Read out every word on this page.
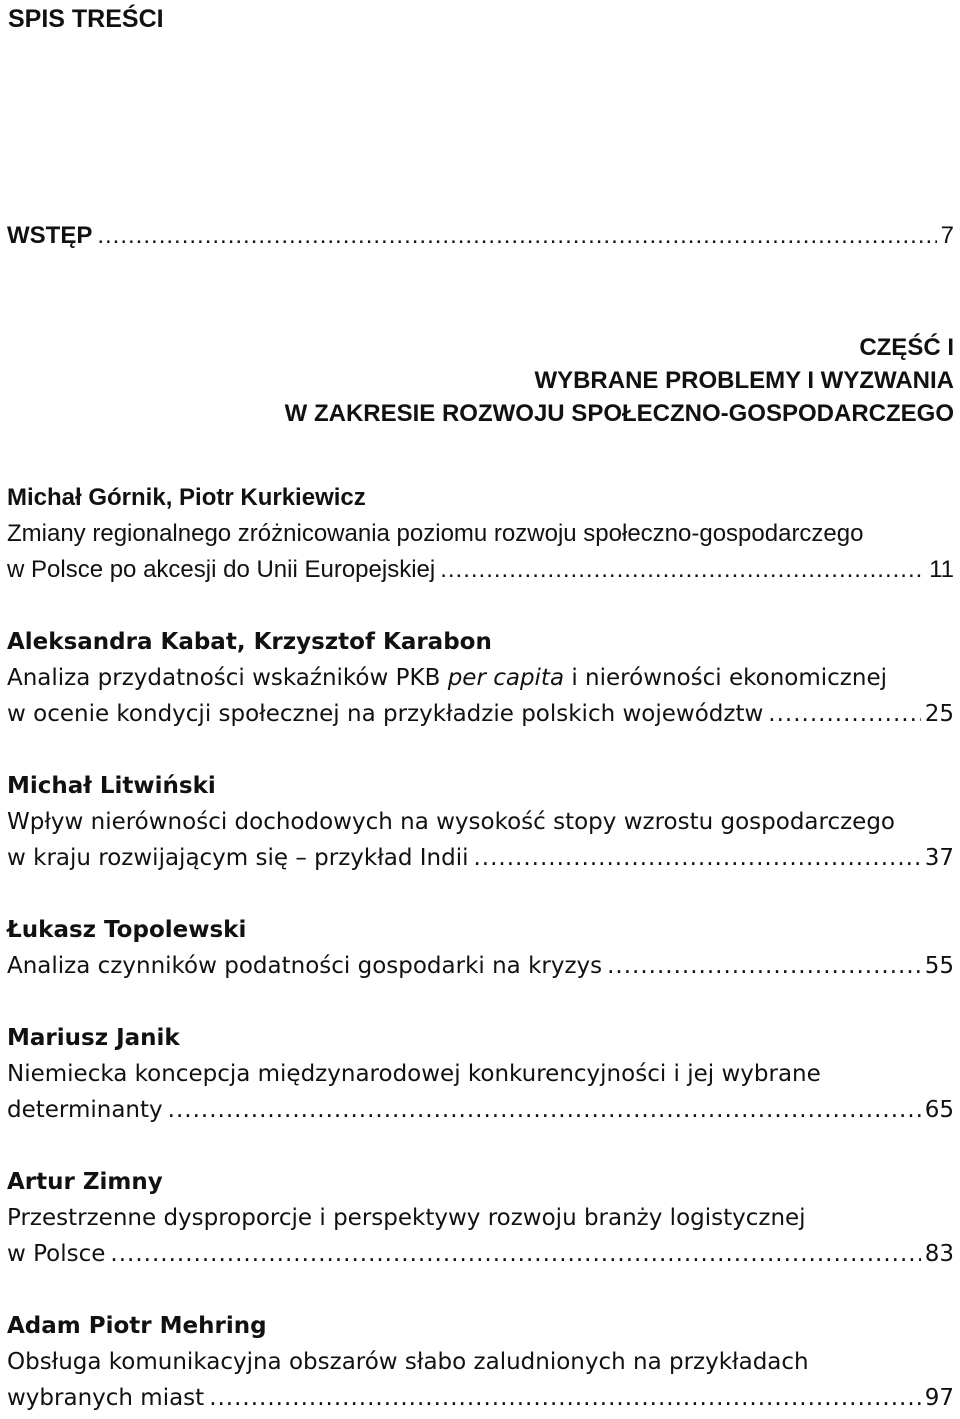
SPIS TREŚCI
WSTĘP .....	7
CZĘŚĆ I
WYBRANE PROBLEMY I WYZWANIA
W ZAKRESIE ROZWOJU SPOŁECZNO-GOSPODARCZEGO
Michał Górnik, Piotr Kurkiewicz
Zmiany regionalnego zróżnicowania poziomu rozwoju społeczno-gospodarczego
w Polsce po akcesji do Unii Europejskiej .....	11
Aleksandra Kabat, Krzysztof Karabon
Analiza przydatności wskaźników PKB per capita i nierówności ekonomicznej
w ocenie kondycji społecznej na przykładzie polskich województw .....	25
Michał Litwiński
Wpływ nierówności dochodowych na wysokość stopy wzrostu gospodarczego
w kraju rozwijającym się – przykład Indii .....	37
Łukasz Topolewski
Analiza czynników podatności gospodarki na kryzys .....	55
Mariusz Janik
Niemiecka koncepcja międzynarodowej konkurencyjności i jej wybrane
determinanty .....	65
Artur Zimny
Przestrzenne dysproporcje i perspektywy rozwoju branży logistycznej
w Polsce .....	83
Adam Piotr Mehring
Obsługa komunikacyjna obszarów słabo zaludnionych na przykładach
wybranych miast .....	97
